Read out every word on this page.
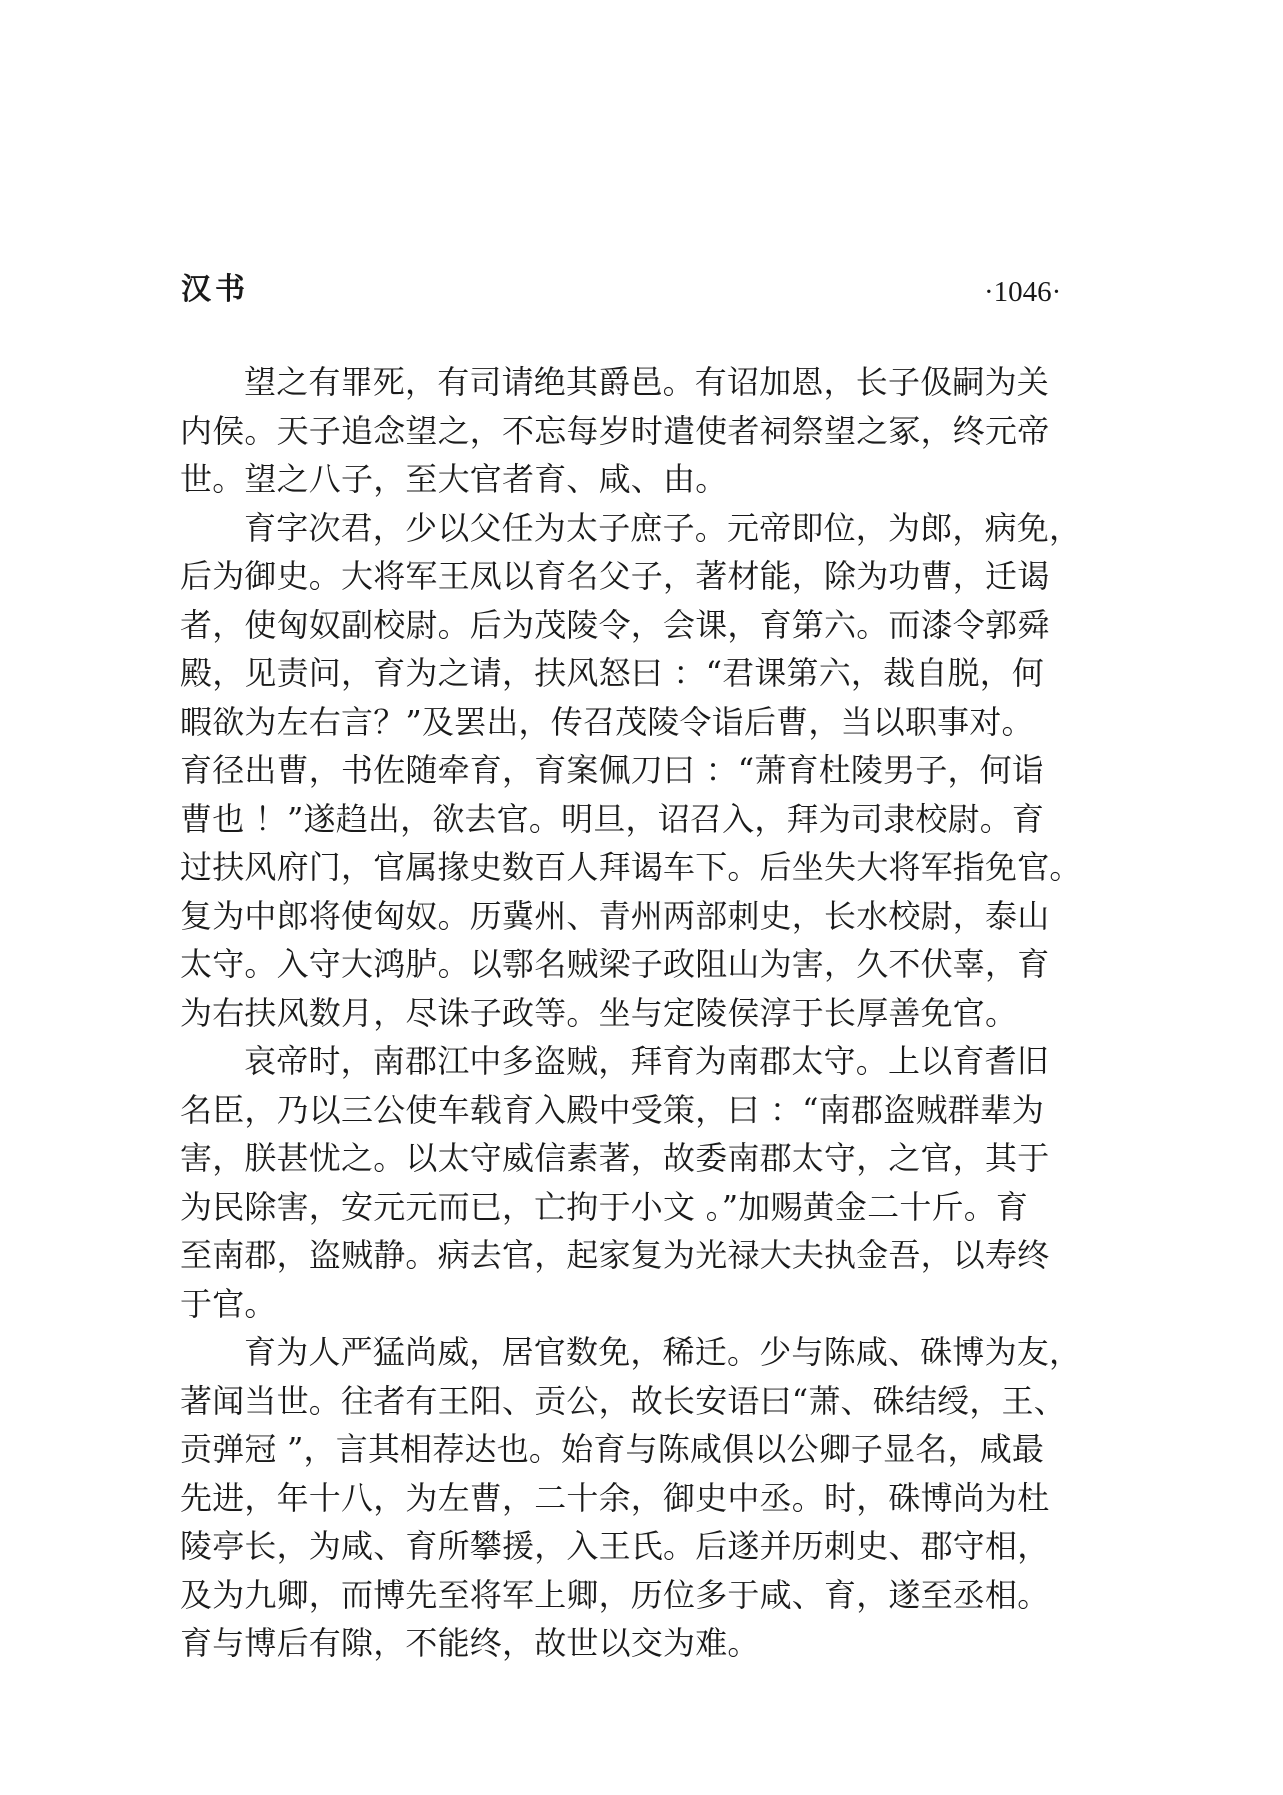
汉书	·1046·
望之有罪死，有司请绝其爵邑。有诏加恩，长子伋嗣为关
内侯。天子追念望之，不忘每岁时遣使者祠祭望之冢，终元帝
世。望之八子，至大官者育、咸、由。
育字次君，少以父任为太子庶子。元帝即位，为郎，病免，
后为御史。大将军王凤以育名父子，著材能，除为功曹，迁谒
者，使匈奴副校尉。后为茂陵令，会课，育第六。而漆令郭舜
殿，见责问，育为之请，扶风怒曰 ：“君课第六，裁自脱，何
暇欲为左右言？”及罢出，传召茂陵令诣后曹，当以职事对。
育径出曹，书佐随牵育，育案佩刀曰 ：“萧育杜陵男子，何诣
曹也 ！”遂趋出，欲去官。明旦，诏召入，拜为司隶校尉。育
过扶风府门，官属掾史数百人拜谒车下。后坐失大将军指免官。
复为中郎将使匈奴。历冀州、青州两部刺史，长水校尉，泰山
太守。入守大鸿胪。以鄠名贼梁子政阻山为害，久不伏辜，育
为右扶风数月，尽诛子政等。坐与定陵侯淳于长厚善免官。
哀帝时，南郡江中多盗贼，拜育为南郡太守。上以育耆旧
名臣，乃以三公使车载育入殿中受策，曰 ：“南郡盗贼群辈为
害，朕甚忧之。以太守威信素著，故委南郡太守，之官，其于
为民除害，安元元而已，亡拘于小文 。”加赐黄金二十斤。育
至南郡，盗贼静。病去官，起家复为光禄大夫执金吾，以寿终
于官。
育为人严猛尚威，居官数免，稀迁。少与陈咸、硃博为友，
著闻当世。往者有王阳、贡公，故长安语曰“萧、硃结绶，王、
贡弹冠 ”，言其相荐达也。始育与陈咸俱以公卿子显名，咸最
先进，年十八，为左曹，二十余，御史中丞。时，硃博尚为杜
陵亭长，为咸、育所攀援，入王氏。后遂并历刺史、郡守相，
及为九卿，而博先至将军上卿，历位多于咸、育，遂至丞相。
育与博后有隙，不能终，故世以交为难。
